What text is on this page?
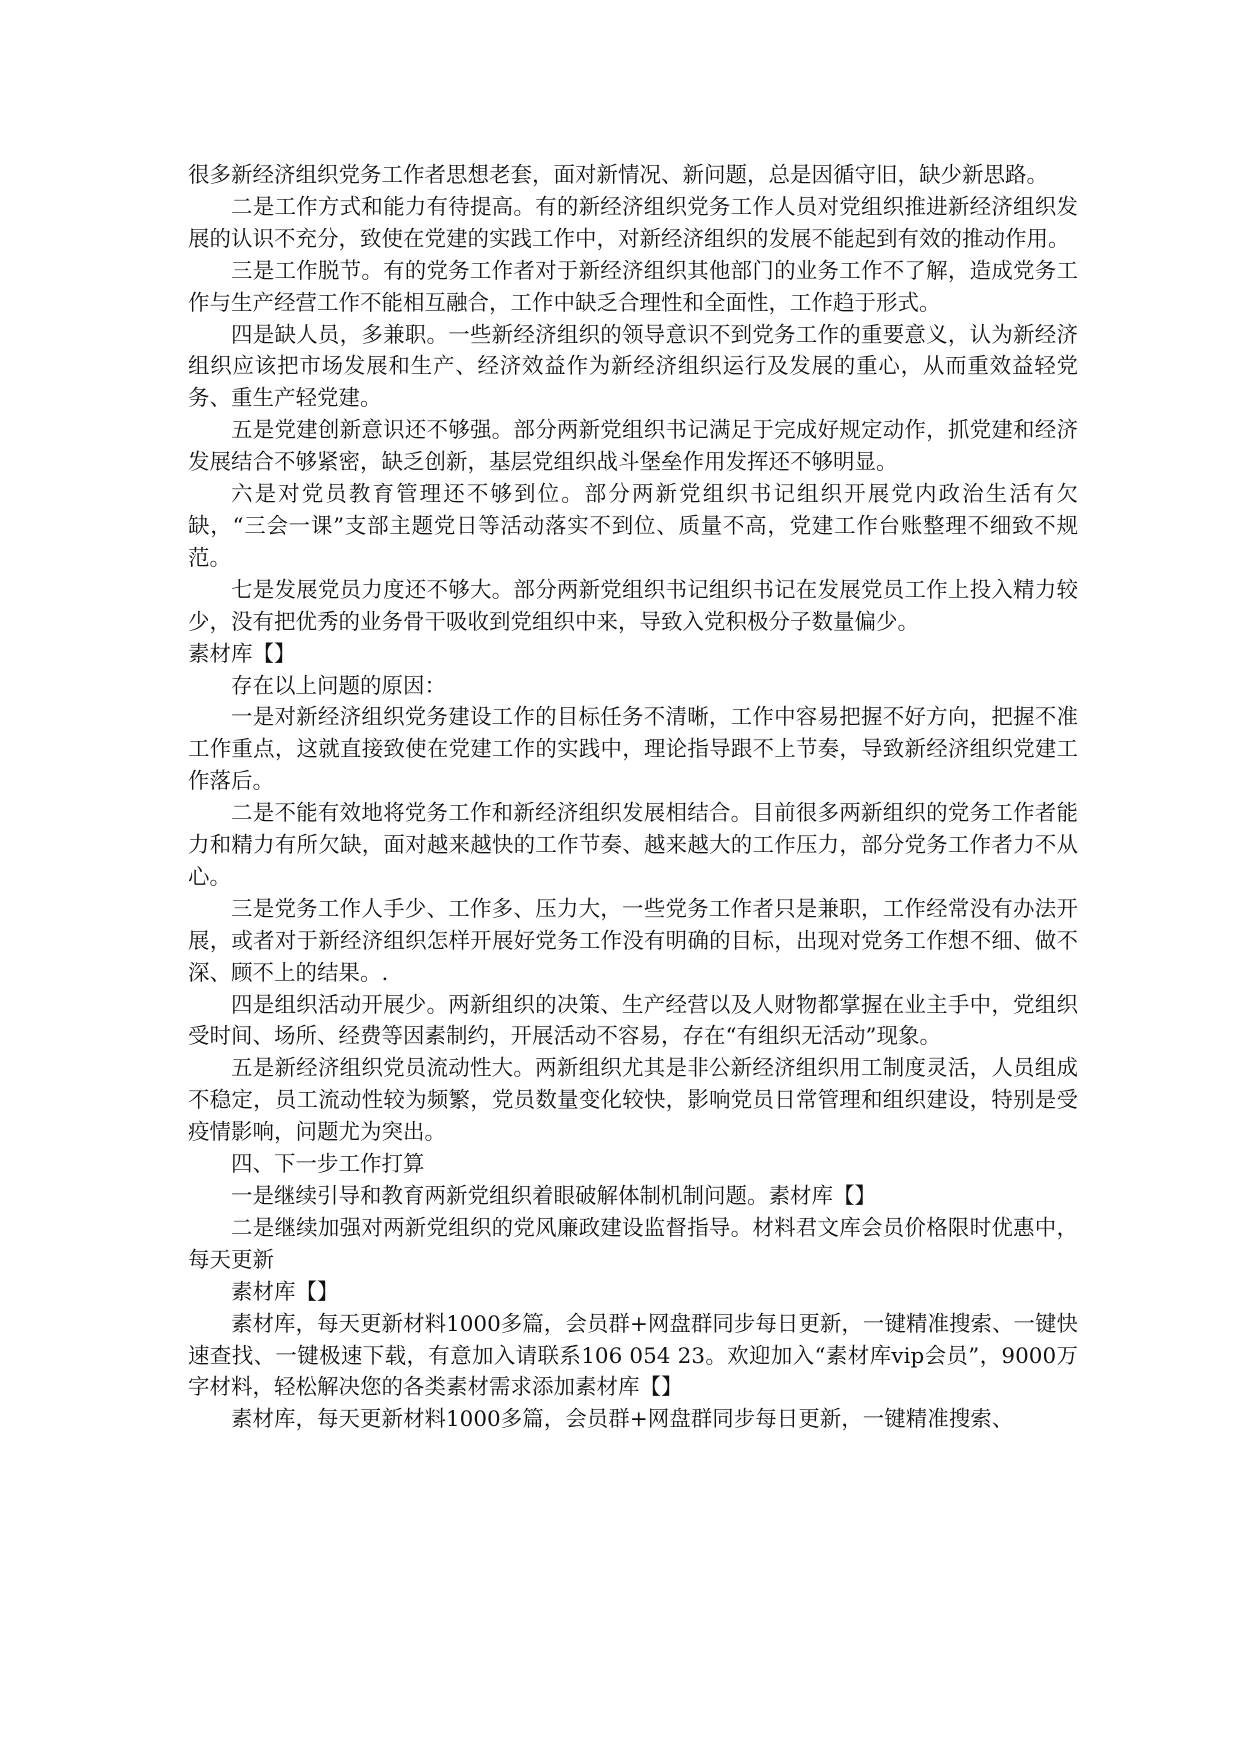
很多新经济组织党务工作者思想老套，面对新情况、新问题，总是因循守旧，缺少新思路。

二是工作方式和能力有待提高。有的新经济组织党务工作人员对党组织推进新经济组织发展的认识不充分，致使在党建的实践工作中，对新经济组织的发展不能起到有效的推动作用。

三是工作脱节。有的党务工作者对于新经济组织其他部门的业务工作不了解，造成党务工作与生产经营工作不能相互融合，工作中缺乏合理性和全面性，工作趋于形式。

四是缺人员，多兼职。一些新经济组织的领导意识不到党务工作的重要意义，认为新经济组织应该把市场发展和生产、经济效益作为新经济组织运行及发展的重心，从而重效益轻党务、重生产轻党建。

五是党建创新意识还不够强。部分两新党组织书记满足于完成好规定动作，抓党建和经济发展结合不够紧密，缺乏创新，基层党组织战斗堡垒作用发挥还不够明显。

六是对党员教育管理还不够到位。部分两新党组织书记组织开展党内政治生活有欠缺，“三会一课”支部主题党日等活动落实不到位、质量不高，党建工作台账整理不细致不规范。

七是发展党员力度还不够大。部分两新党组织书记组织书记在发展党员工作上投入精力较少，没有把优秀的业务骨干吸收到党组织中来，导致入党积极分子数量偏少。

素材库【】

存在以上问题的原因：

一是对新经济组织党务建设工作的目标任务不清晰，工作中容易把握不好方向，把握不准工作重点，这就直接致使在党建工作的实践中，理论指导跟不上节奏，导致新经济组织党建工作落后。

二是不能有效地将党务工作和新经济组织发展相结合。目前很多两新组织的党务工作者能力和精力有所欠缺，面对越来越快的工作节奏、越来越大的工作压力，部分党务工作者力不从心。

三是党务工作人手少、工作多、压力大，一些党务工作者只是兼职，工作经常没有办法开展，或者对于新经济组织怎样开展好党务工作没有明确的目标，出现对党务工作想不细、做不深、顾不上的结果。.

四是组织活动开展少。两新组织的决策、生产经营以及人财物都掌握在业主手中，党组织受时间、场所、经费等因素制约，开展活动不容易，存在“有组织无活动”现象。

五是新经济组织党员流动性大。两新组织尤其是非公新经济组织用工制度灵活，人员组成不稳定，员工流动性较为频繁，党员数量变化较快，影响党员日常管理和组织建设，特别是受疫情影响，问题尤为突出。

四、下一步工作打算

一是继续引导和教育两新党组织着眼破解体制机制问题。素材库【】

二是继续加强对两新党组织的党风廉政建设监督指导。材料君文库会员价格限时优惠中，每天更新

素材库【】

素材库，每天更新材料1000多篇，会员群+网盘群同步每日更新，一键精准搜索、一键快速查找、一键极速下载，有意加入请联系106 054 23。欢迎加入“素材库vip会员”，9000万字材料，轻松解决您的各类素材需求添加素材库【】

素材库，每天更新材料1000多篇，会员群+网盘群同步每日更新，一键精准搜索、
